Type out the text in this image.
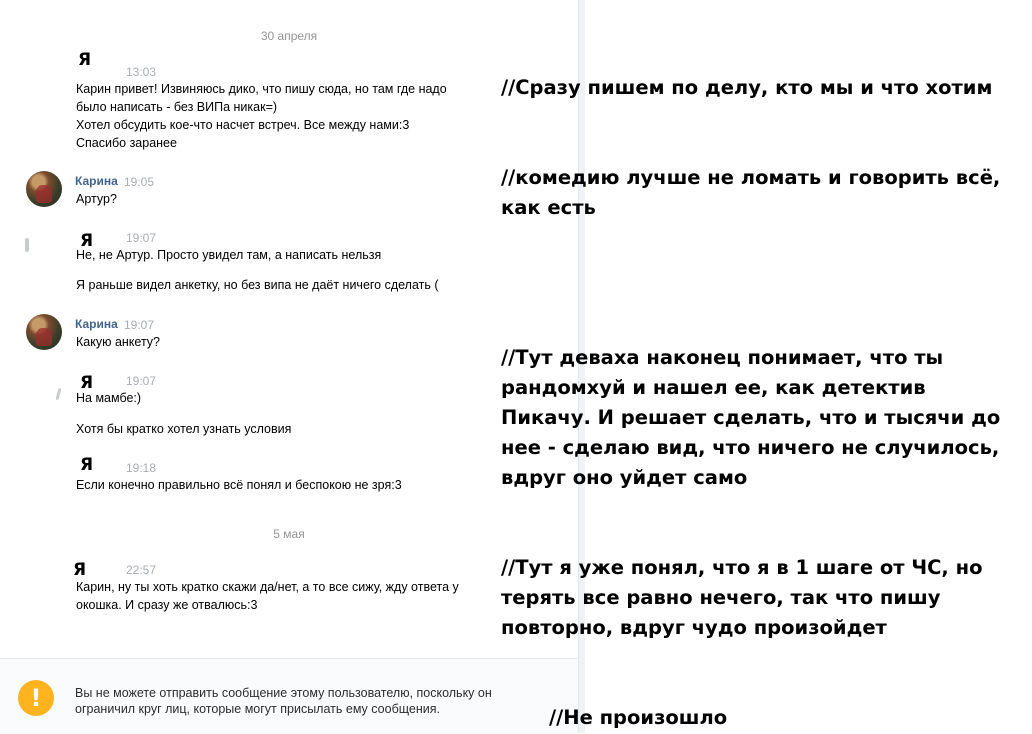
30 апреля
Я
13:03
Карин привет! Извиняюсь дико, что пишу сюда, но там где надо
было написать - без ВИПа никак=)
Хотел обсудить кое-что насчет встреч. Все между нами:3
Спасибо заранее
Карина 19:05
Артур?
Я	19:07
Не, не Артур. Просто увидел там, а написать нельзя
Я раньше видел анкетку, но без випа не даёт ничего сделать (
Карина 19:07
Какую анкету?
Я	19:07
На мамбе:)
Хотя бы кратко хотел узнать условия
Я	19:18
Если конечно правильно всё понял и беспокою не зря:3
5 мая
Я	22:57
Карин, ну ты хоть кратко скажи да/нет, а то все сижу, жду ответа у
окошка. И сразу же отвалюсь:3
!	Вы не можете отправить сообщение этому пользователю, поскольку он ограничил круг лиц, которые могут присылать ему сообщения.
//Сразу пишем по делу, кто мы и что хотим
//комедию лучше не ломать и говорить всё,
как есть
//Тут деваха наконец понимает, что ты
рандомхуй и нашел ее, как детектив
Пикачу. И решает сделать, что и тысячи до
нее - сделаю вид, что ничего не случилось,
вдруг оно уйдет само
//Тут я уже понял, что я в 1 шаге от ЧС, но
терять все равно нечего, так что пишу
повторно, вдруг чудо произойдет
//Не произошло
